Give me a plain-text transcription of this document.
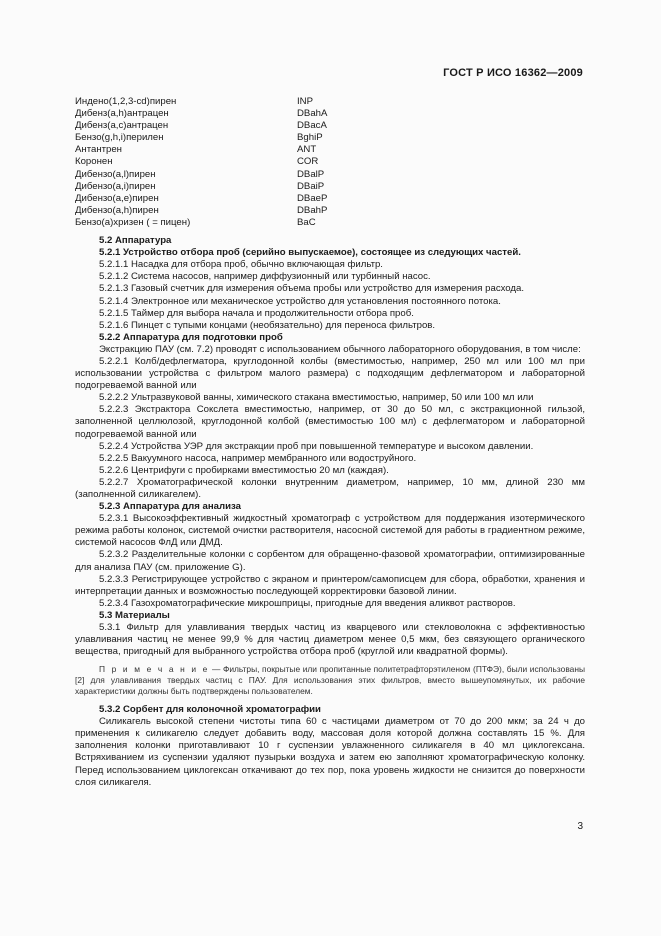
ГОСТ Р ИСО 16362—2009
Индено(1,2,3-cd)пирен	INP
Дибенз(a,h)антрацен	DBahA
Дибенз(a,c)антрацен	DBacA
Бензо(g,h,i)перилен	BghiP
Антантрен	ANT
Коронен	COR
Дибензо(a,l)пирен	DBalP
Дибензо(a,i)пирен	DBaiP
Дибензо(a,e)пирен	DBaeP
Дибензо(a,h)пирен	DBahP
Бензо(a)хризен ( = пицен)	BaC

5.2 Аппаратура

5.2.1 Устройство отбора проб (серийно выпускаемое), состоящее из следующих частей.

5.2.1.1 Насадка для отбора проб, обычно включающая фильтр.

5.2.1.2 Система насосов, например диффузионный или турбинный насос.

5.2.1.3 Газовый счетчик для измерения объема пробы или устройство для измерения расхода.

5.2.1.4 Электронное или механическое устройство для установления постоянного потока.

5.2.1.5 Таймер для выбора начала и продолжительности отбора проб.

5.2.1.6 Пинцет с тупыми концами (необязательно) для переноса фильтров.

5.2.2 Аппаратура для подготовки проб

Экстракцию ПАУ (см. 7.2) проводят с использованием обычного лабораторного оборудования, в том числе:

5.2.2.1 Колб/дефлегматора, круглодонной колбы (вместимостью, например, 250 мл или 100 мл при использовании устройства с фильтром малого размера) с подходящим дефлегматором и лабораторной подогреваемой ванной или

5.2.2.2 Ультразвуковой ванны, химического стакана вместимостью, например, 50 или 100 мл или

5.2.2.3 Экстрактора Сокслета вместимостью, например, от 30 до 50 мл, с экстракционной гильзой, заполненной целлюлозой, круглодонной колбой (вместимостью 100 мл) с дефлегматором и лабораторной подогреваемой ванной или

5.2.2.4 Устройства УЭР для экстракции проб при повышенной температуре и высоком давлении.

5.2.2.5 Вакуумного насоса, например мембранного или водоструйного.

5.2.2.6 Центрифуги с пробирками вместимостью 20 мл (каждая).

5.2.2.7 Хроматографической колонки внутренним диаметром, например, 10 мм, длиной 230 мм (заполненной силикагелем).

5.2.3 Аппаратура для анализа

5.2.3.1 Высокоэффективный жидкостный хроматограф с устройством для поддержания изотермического режима работы колонок, системой очистки растворителя, насосной системой для работы в градиентном режиме, системой насосов ФлД или ДМД.

5.2.3.2 Разделительные колонки с сорбентом для обращенно-фазовой хроматографии, оптимизированные для анализа ПАУ (см. приложение G).

5.2.3.3 Регистрирующее устройство с экраном и принтером/самописцем для сбора, обработки, хранения и интерпретации данных и возможностью последующей корректировки базовой линии.

5.2.3.4 Газохроматографические микрошприцы, пригодные для введения аликвот растворов.

5.3 Материалы

5.3.1 Фильтр для улавливания твердых частиц из кварцевого или стекловолокна с эффективностью улавливания частиц не менее 99,9 % для частиц диаметром менее 0,5 мкм, без связующего органического вещества, пригодный для выбранного устройства отбора проб (круглой или квадратной формы).

П р и м е ч а н и е — Фильтры, покрытые или пропитанные политетрафторэтиленом (ПТФЭ), были использованы [2] для улавливания твердых частиц с ПАУ. Для использования этих фильтров, вместо вышеупомянутых, их рабочие характеристики должны быть подтверждены пользователем.

5.3.2 Сорбент для колоночной хроматографии

Силикагель высокой степени чистоты типа 60 с частицами диаметром от 70 до 200 мкм; за 24 ч до применения к силикагелю следует добавить воду, массовая доля которой должна составлять 15 %. Для заполнения колонки приготавливают 10 г суспензии увлажненного силикагеля в 40 мл циклогексана. Встряхиванием из суспензии удаляют пузырьки воздуха и затем ею заполняют хроматографическую колонку. Перед использованием циклогексан откачивают до тех пор, пока уровень жидкости не снизится до поверхности слоя силикагеля.

3
